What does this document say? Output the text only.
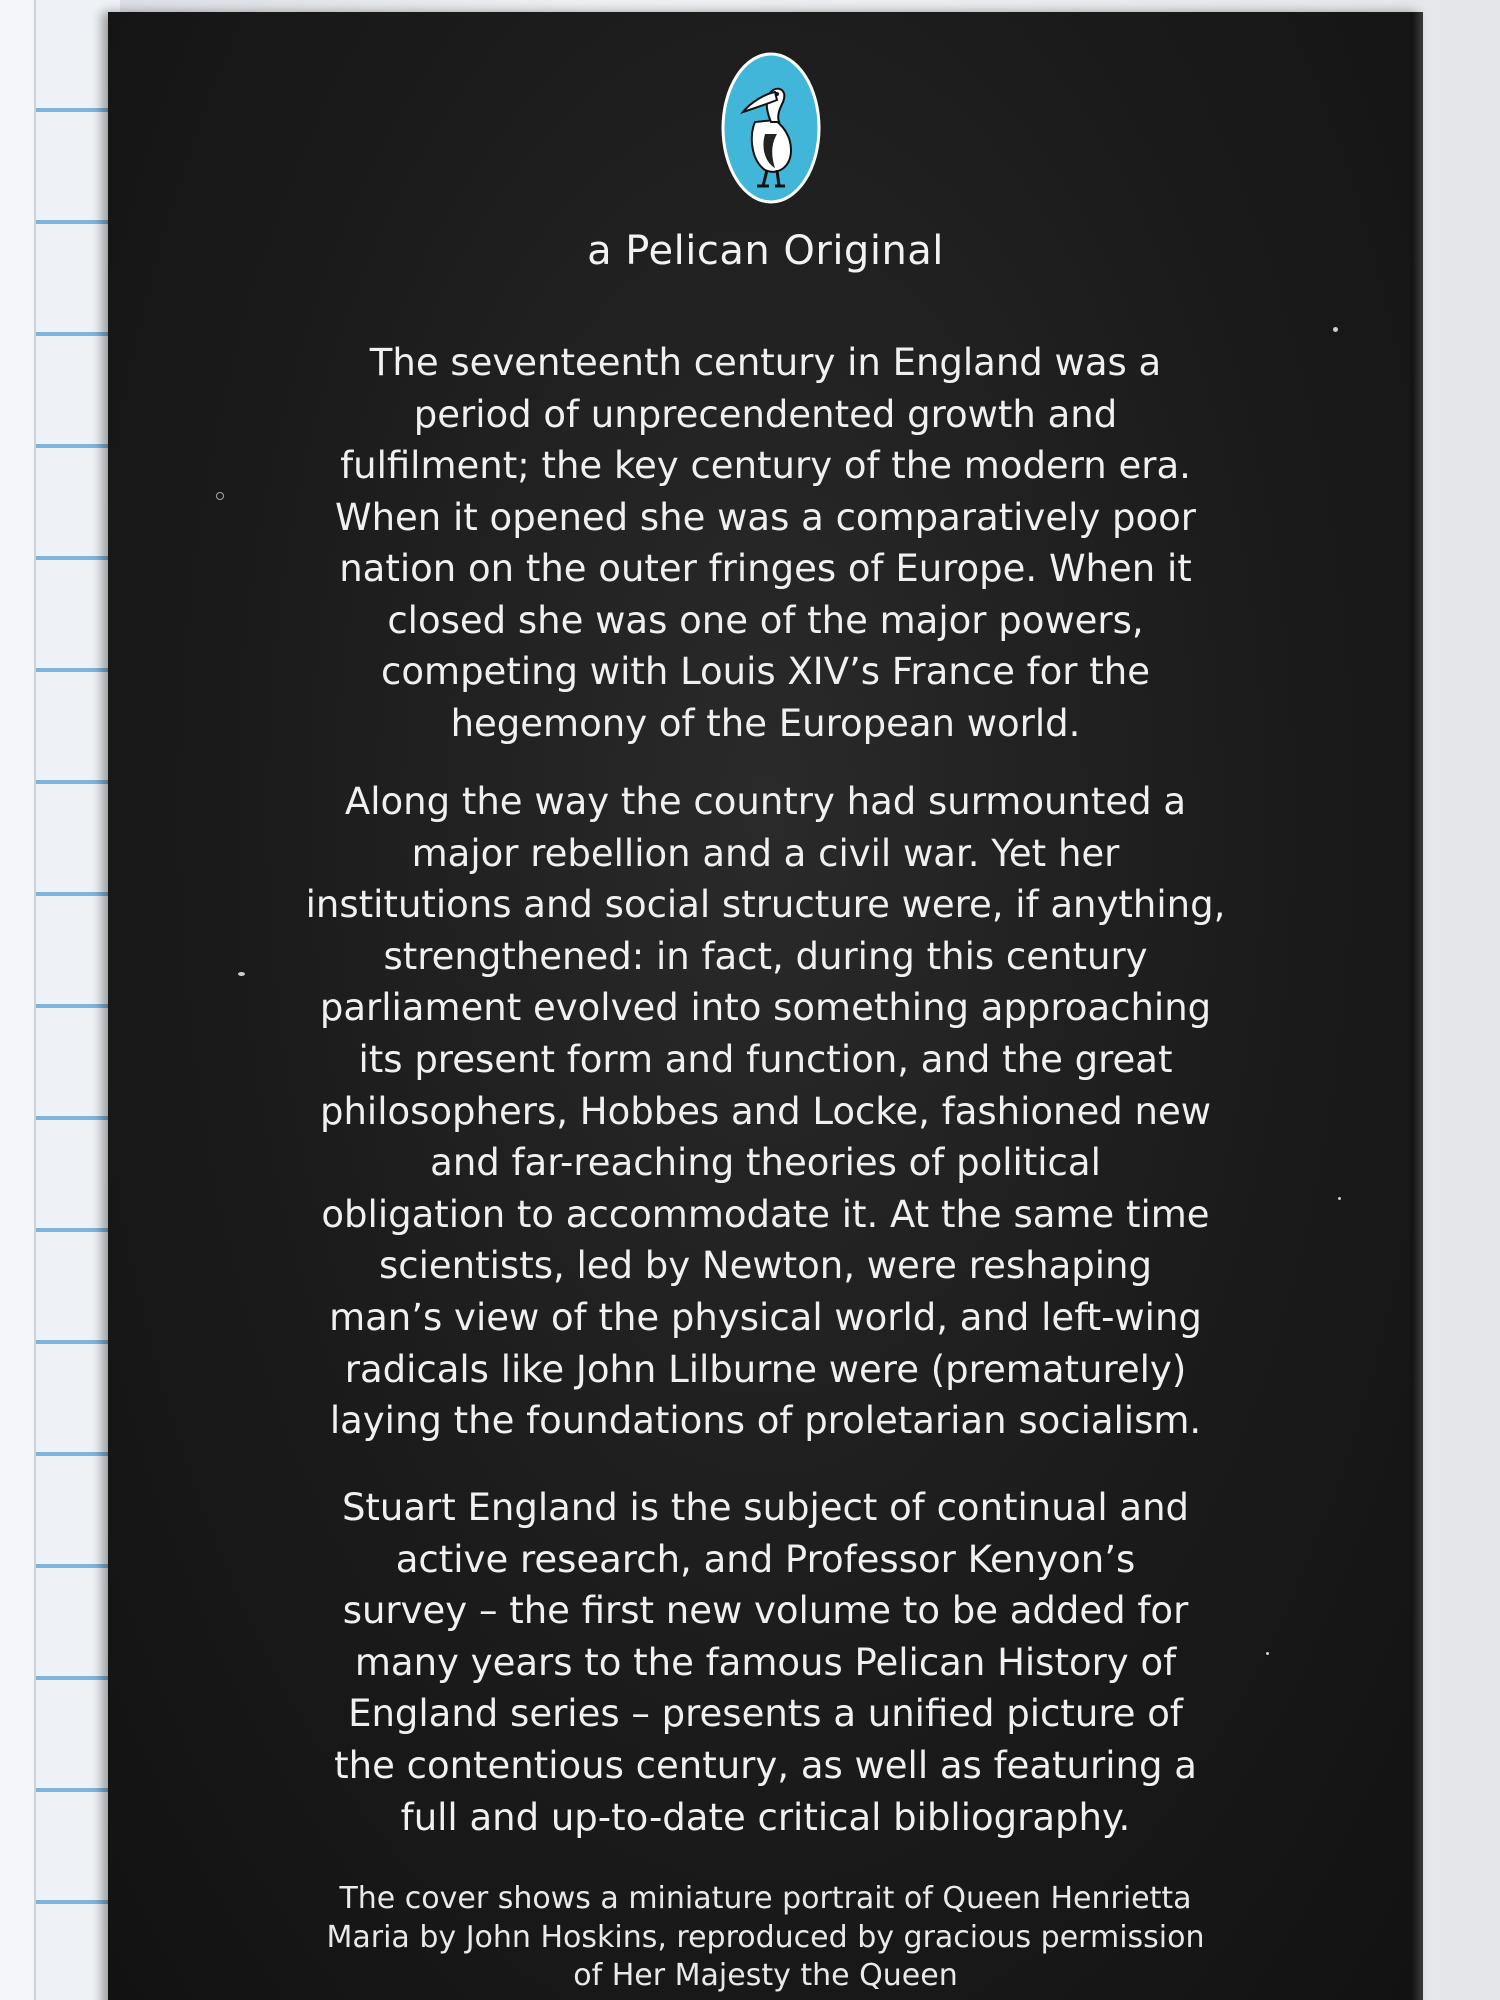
a Pelican Original
The seventeenth century in England was a
period of unprecendented growth and
fulfilment; the key century of the modern era.
When it opened she was a comparatively poor
nation on the outer fringes of Europe. When it
closed she was one of the major powers,
competing with Louis XIV’s France for the
hegemony of the European world.
Along the way the country had surmounted a
major rebellion and a civil war. Yet her
institutions and social structure were, if anything,
strengthened: in fact, during this century
parliament evolved into something approaching
its present form and function, and the great
philosophers, Hobbes and Locke, fashioned new
and far-reaching theories of political
obligation to accommodate it. At the same time
scientists, led by Newton, were reshaping
man’s view of the physical world, and left-wing
radicals like John Lilburne were (prematurely)
laying the foundations of proletarian socialism.
Stuart England is the subject of continual and
active research, and Professor Kenyon’s
survey – the first new volume to be added for
many years to the famous Pelican History of
England series – presents a unified picture of
the contentious century, as well as featuring a
full and up-to-date critical bibliography.
The cover shows a miniature portrait of Queen Henrietta
Maria by John Hoskins, reproduced by gracious permission
of Her Majesty the Queen
